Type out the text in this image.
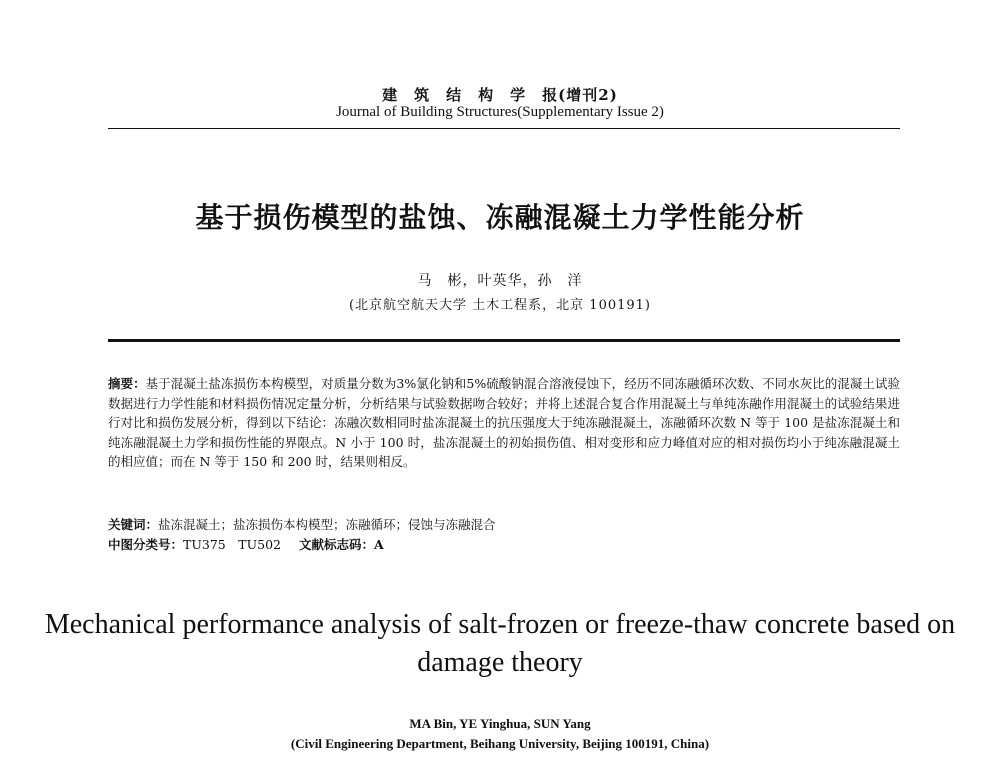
建　筑　结　构　学　报(增刊2)
Journal of Building Structures(Supplementary Issue 2)
基于损伤模型的盐蚀、冻融混凝土力学性能分析
马　彬，叶英华，孙　洋
(北京航空航天大学 土木工程系，北京 100191)
摘要：基于混凝土盐冻损伤本构模型，对质量分数为3%氯化钠和5%硫酸钠混合溶液侵蚀下，经历不同冻融循环次数、不同水灰比的混凝土试验数据进行力学性能和材料损伤情况定量分析，分析结果与试验数据吻合较好；并将上述混合复合作用混凝土与单纯冻融作用混凝土的试验结果进行对比和损伤发展分析，得到以下结论：冻融次数相同时盐冻混凝土的抗压强度大于纯冻融混凝土，冻融循环次数 N 等于 100 是盐冻混凝土和纯冻融混凝土力学和损伤性能的界限点。N 小于 100 时，盐冻混凝土的初始损伤值、相对变形和应力峰值对应的相对损伤均小于纯冻融混凝土的相应值；而在 N 等于 150 和 200 时，结果则相反。
关键词：盐冻混凝土；盐冻损伤本构模型；冻融循环；侵蚀与冻融混合
中图分类号：TU375　TU502 文献标志码：A
Mechanical performance analysis of salt-frozen or freeze-thaw concrete based on damage theory
MA Bin, YE Yinghua, SUN Yang
(Civil Engineering Department, Beihang University, Beijing 100191, China)
